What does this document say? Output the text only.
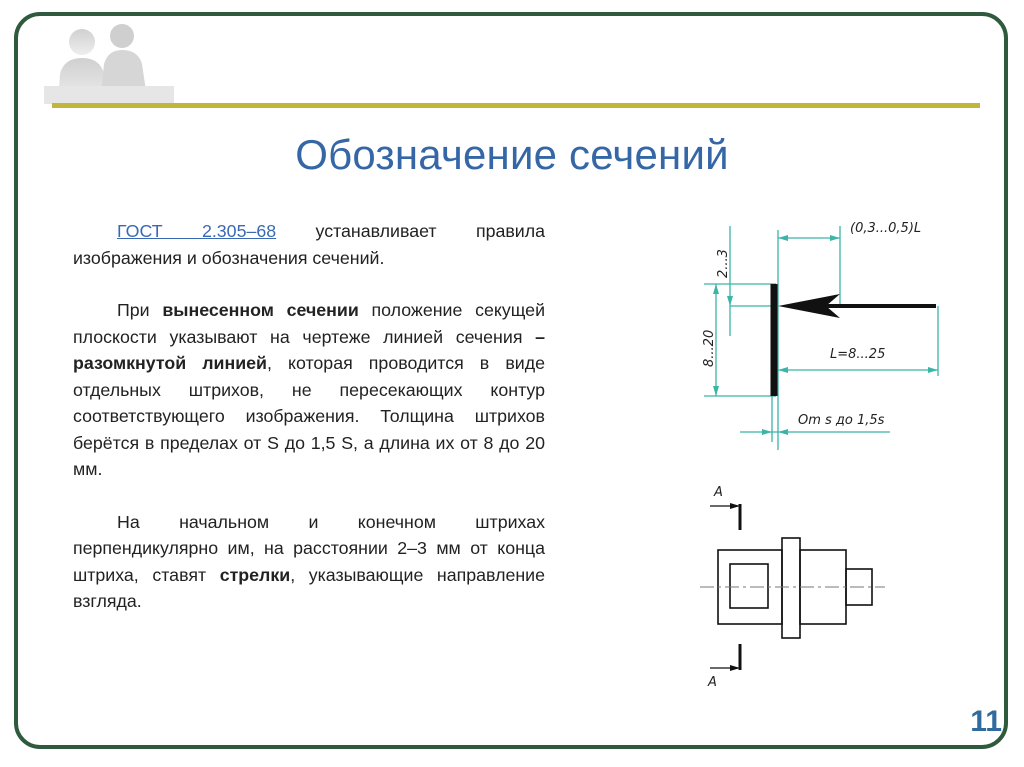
Обозначение сечений

ГОСТ 2.305–68 устанавливает правила изображения и обозначения сечений.

При вынесенном сечении положение секущей плоскости указывают на чертеже линией сечения – разомкнутой линией, которая проводится в виде отдельных штрихов, не пересекающих контур соответствующего изображения. Толщина штрихов берётся в пределах от S до 1,5 S, а длина их от 8 до 20 мм.

На начальном и конечном штрихах перпендикулярно им, на расстоянии 2–3 мм от конца штриха, ставят стрелки, указывающие направление взгляда.

(0,3...0,5)L
2...3
8...20	L=8...25
Om s до 1,5s
A
A
11
